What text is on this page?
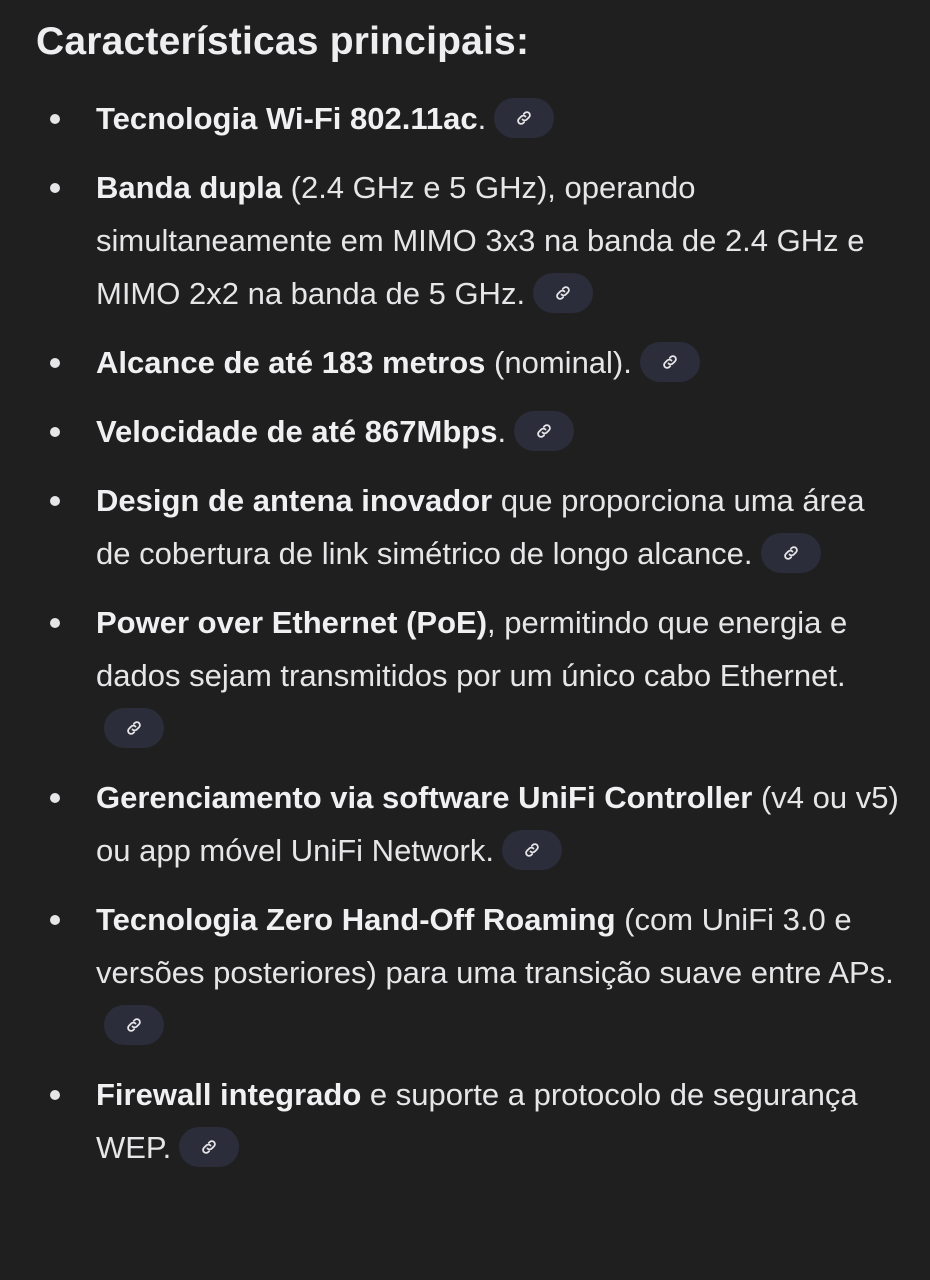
Características principais:
Tecnologia Wi-Fi 802.11ac.
Banda dupla (2.4 GHz e 5 GHz), operando simultaneamente em MIMO 3x3 na banda de 2.4 GHz e MIMO 2x2 na banda de 5 GHz.
Alcance de até 183 metros (nominal).
Velocidade de até 867Mbps.
Design de antena inovador que proporciona uma área de cobertura de link simétrico de longo alcance.
Power over Ethernet (PoE), permitindo que energia e dados sejam transmitidos por um único cabo Ethernet.
Gerenciamento via software UniFi Controller (v4 ou v5) ou app móvel UniFi Network.
Tecnologia Zero Hand-Off Roaming (com UniFi 3.0 e versões posteriores) para uma transição suave entre APs.
Firewall integrado e suporte a protocolo de segurança WEP.
